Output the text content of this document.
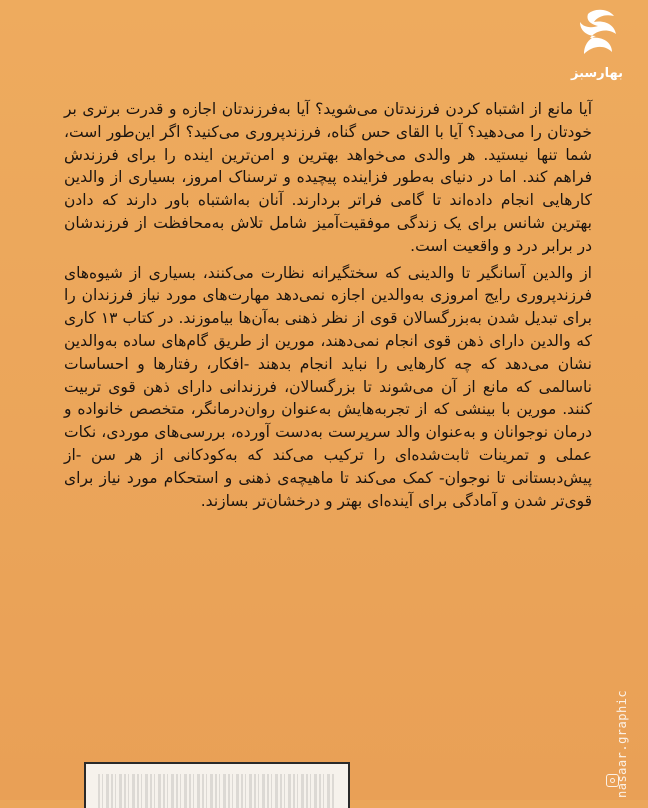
بهارسبز

آیا مانع از اشتباه کردن فرزندتان می‌شوید؟ آیا به‌فرزندتان اجازه و قدرت برتری بر خودتان را می‌دهید؟ آیا با القای حس گناه، فرزندپروری می‌کنید؟ اگر این‌طور است، شما تنها نیستید. هر والدی می‌خواهد بهترین و امن‌ترین اینده را برای فرزندش فراهم کند. اما در دنیای به‌طور فزاینده پیچیده و ترسناک امروز، بسیاری از والدین کارهایی انجام داده‌اند تا گامی فراتر بردارند. آنان به‌اشتباه باور دارند که دادن بهترین شانس برای یک زندگی موفقیت‌آمیز شامل تلاش به‌محافظت از فرزندشان در برابر درد و واقعیت است.

از والدین آسانگیر تا والدینی که سختگیرانه نظارت می‌کنند، بسیاری از شیوه‌های فرزندپروری رایج امروزی به‌والدین اجازه نمی‌دهد مهارت‌های مورد نیاز فرزندان را برای تبدیل شدن به‌بزرگسالان قوی از نظر ذهنی به‌آن‌ها بیاموزند. در کتاب ۱۳ کاری که والدین دارای ذهن قوی انجام نمی‌دهند، مورین از طریق گام‌های ساده به‌والدین نشان می‌دهد که چه کارهایی را نباید انجام بدهند -افکار، رفتارها و احساسات ناسالمی که مانع از آن می‌شوند تا بزرگسالان، فرزندانی دارای ذهن قوی تربیت کنند. مورین با بینشی که از تجربه‌هایش به‌عنوان روان‌درمانگر، متخصص خانواده و درمان نوجوانان و به‌عنوان والد سرپرست به‌دست آورده، بررسی‌های موردی، نکات عملی و تمرینات ثابت‌شده‌ای را ترکیب می‌کند که به‌کودکانی از هر سن -از پیش‌دبستانی تا نوجوان- کمک می‌کند تا ماهیچه‌ی ذهنی و استحکام مورد نیاز برای قوی‌تر شدن و آمادگی برای آینده‌ای بهتر و درخشان‌تر بسازند.

nasaar.graphic
